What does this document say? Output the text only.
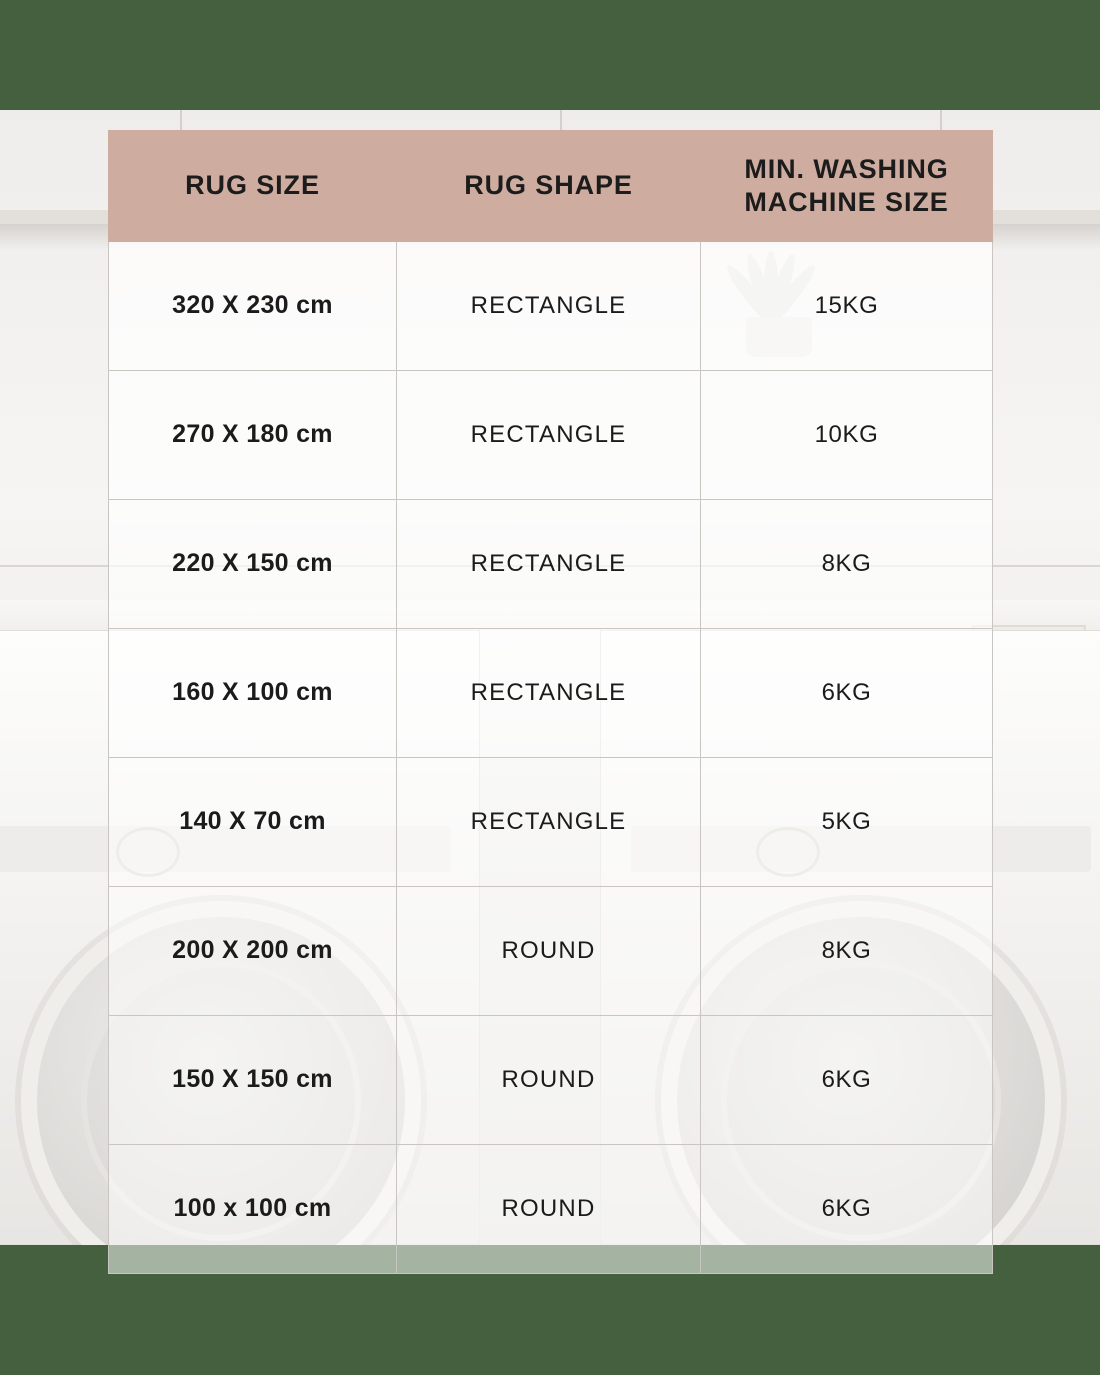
RUG SIZE	RUG SHAPE	MIN. WASHING MACHINE SIZE
320 X 230 cm	RECTANGLE	15KG
270 X 180 cm	RECTANGLE	10KG
220 X 150 cm	RECTANGLE	8KG
160 X 100 cm	RECTANGLE	6KG
140 X 70 cm	RECTANGLE	5KG
200 X 200 cm	ROUND	8KG
150 X 150 cm	ROUND	6KG
100 x 100 cm	ROUND	6KG
